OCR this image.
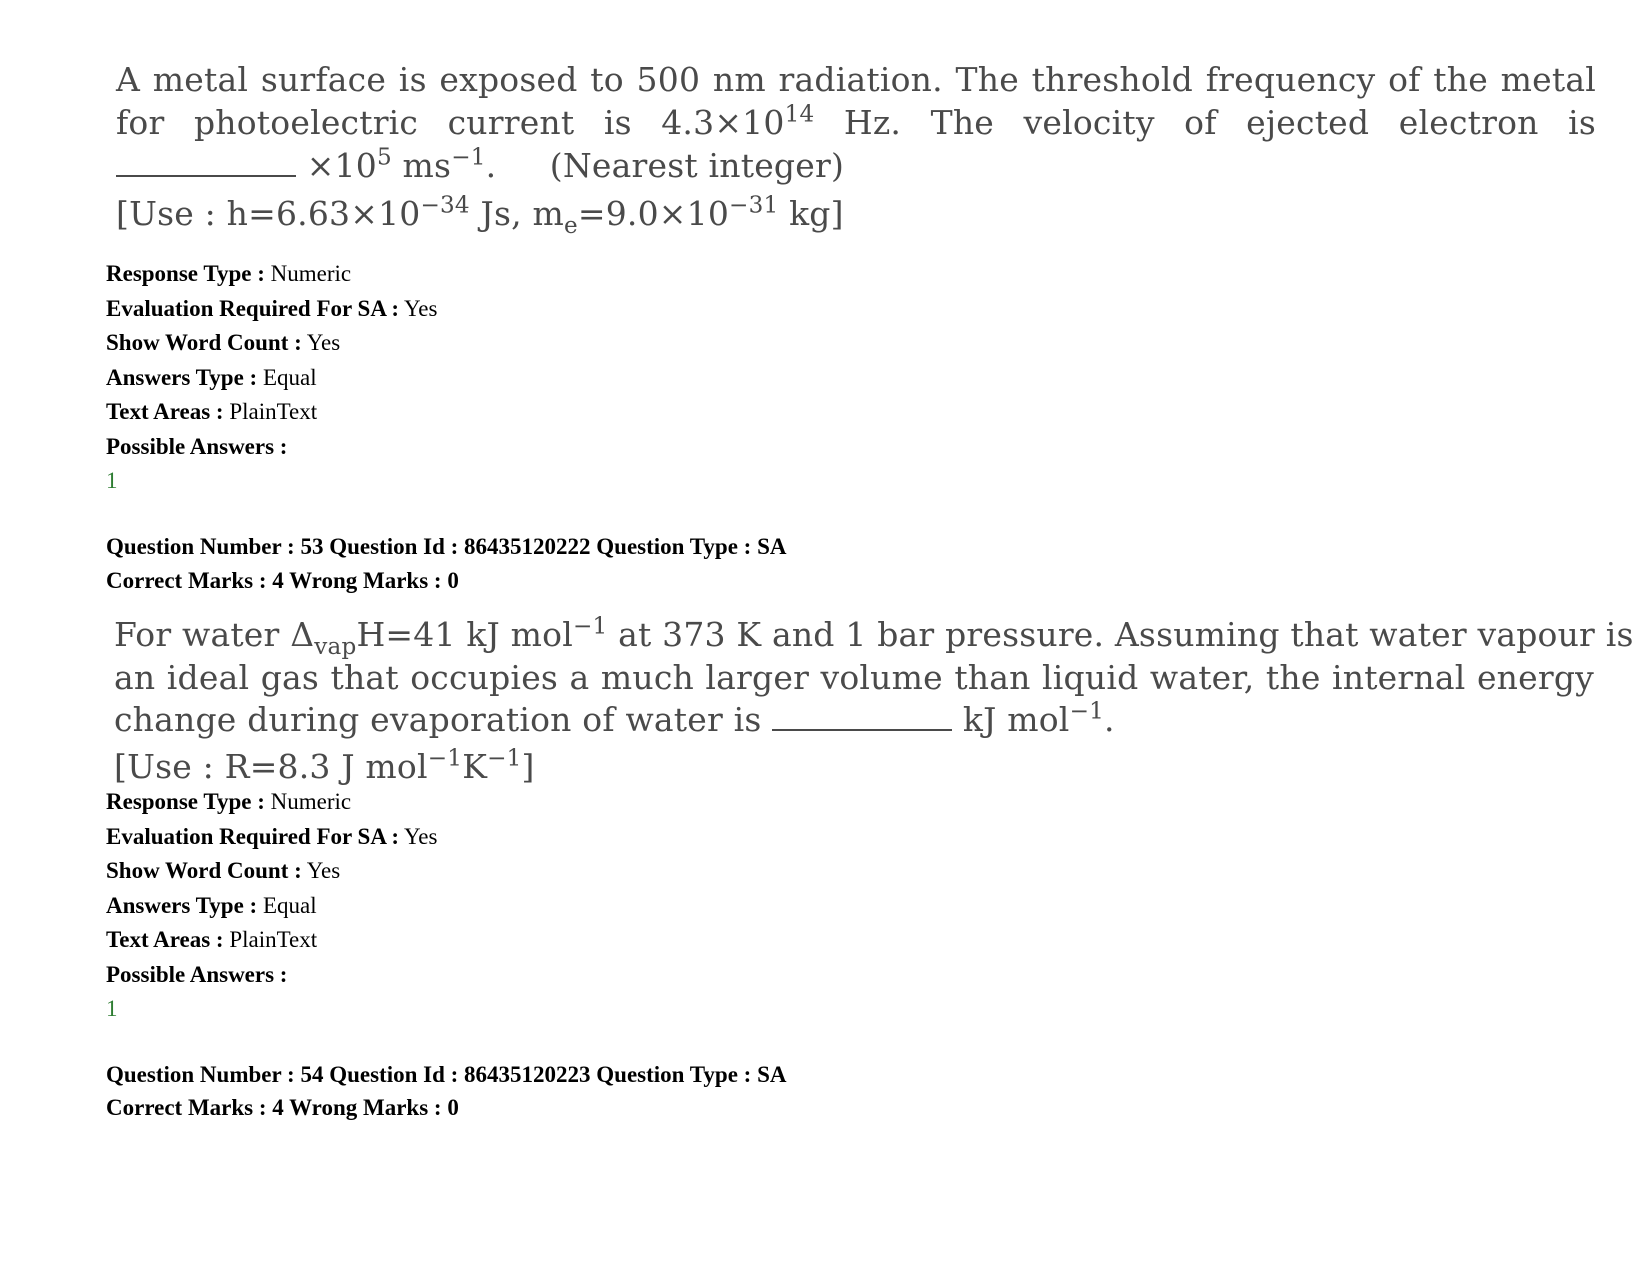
A metal surface is exposed to 500 nm radiation. The threshold frequency of the metal
for photoelectric current is $4.3\times 10^{14}$ Hz. The velocity of ejected electron is
$\times 10^5$ $ms^{-1}$.     (Nearest integer)
[Use : $h=6.63\times 10^{-34}$ Js, $m_e=9.0\times 10^{-31}$ kg]
Response Type : Numeric
Evaluation Required For SA : Yes
Show Word Count : Yes
Answers Type : Equal
Text Areas : PlainText
Possible Answers :
1
Question Number : 53 Question Id : 86435120222 Question Type : SA
Correct Marks : 4 Wrong Marks : 0
For water $\Delta_{vap}H=41$ kJ mol$^{-1}$ at 373 K and 1 bar pressure. Assuming that water vapour is
an ideal gas that occupies a much larger volume than liquid water, the internal energy
change during evaporation of water is	kJ mol$^{-1}$.
[Use : R=8.3 J $mol^{-1}K^{-1}$]
Response Type : Numeric
Evaluation Required For SA : Yes
Show Word Count : Yes
Answers Type : Equal
Text Areas : PlainText
Possible Answers :
1
Question Number : 54 Question Id : 86435120223 Question Type : SA
Correct Marks : 4 Wrong Marks : 0
